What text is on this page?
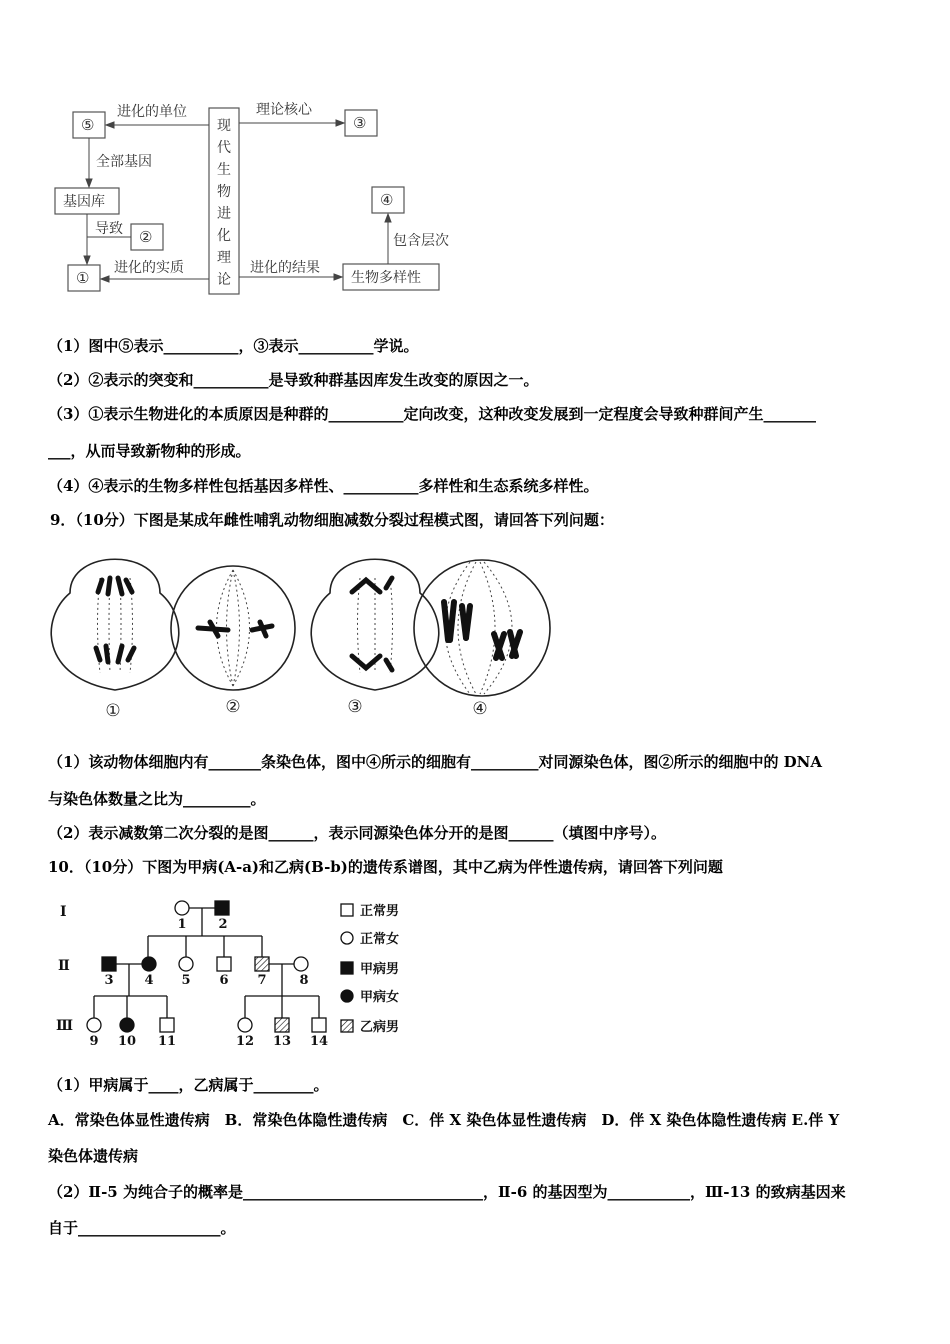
⑤	③
④
②
①
基因库
生物多样性
进化的单位	理论核心
全部基因
导致
包含层次
进化的实质	进化的结果
现
代
生
物
进
化
理
论
（1）图中⑤表示__________，③表示__________学说。
（2）②表示的突变和__________是导致种群基因库发生改变的原因之一。
（3）①表示生物进化的本质原因是种群的__________定向改变，这种改变发展到一定程度会导致种群间产生_______
___，从而导致新物种的形成。
（4）④表示的生物多样性包括基因多样性、__________多样性和生态系统多样性。
9．（10分）下图是某成年雌性哺乳动物细胞减数分裂过程模式图，请回答下列问题：
①	②	③	④
（1）该动物体细胞内有_______条染色体，图中④所示的细胞有_________对同源染色体，图②所示的细胞中的 DNA
与染色体数量之比为_________。
（2）表示减数第二次分裂的是图______，表示同源染色体分开的是图______（填图中序号）。
10．（10分）下图为甲病(A-a)和乙病(B-b)的遗传系谱图，其中乙病为伴性遗传病，请回答下列问题
Ⅰ
Ⅱ
Ⅲ
1 2
3 4 5 6 7	8
9 10 11	12 13 14
正常男
正常女
甲病男
甲病女
乙病男
（1）甲病属于____，乙病属于________。
A．常染色体显性遗传病　B．常染色体隐性遗传病　C．伴 X 染色体显性遗传病　D．伴 X 染色体隐性遗传病 E.伴 Y
染色体遗传病
（2）Ⅱ-5 为纯合子的概率是________________________________，Ⅱ-6 的基因型为___________，Ⅲ-13 的致病基因来
自于___________________。
